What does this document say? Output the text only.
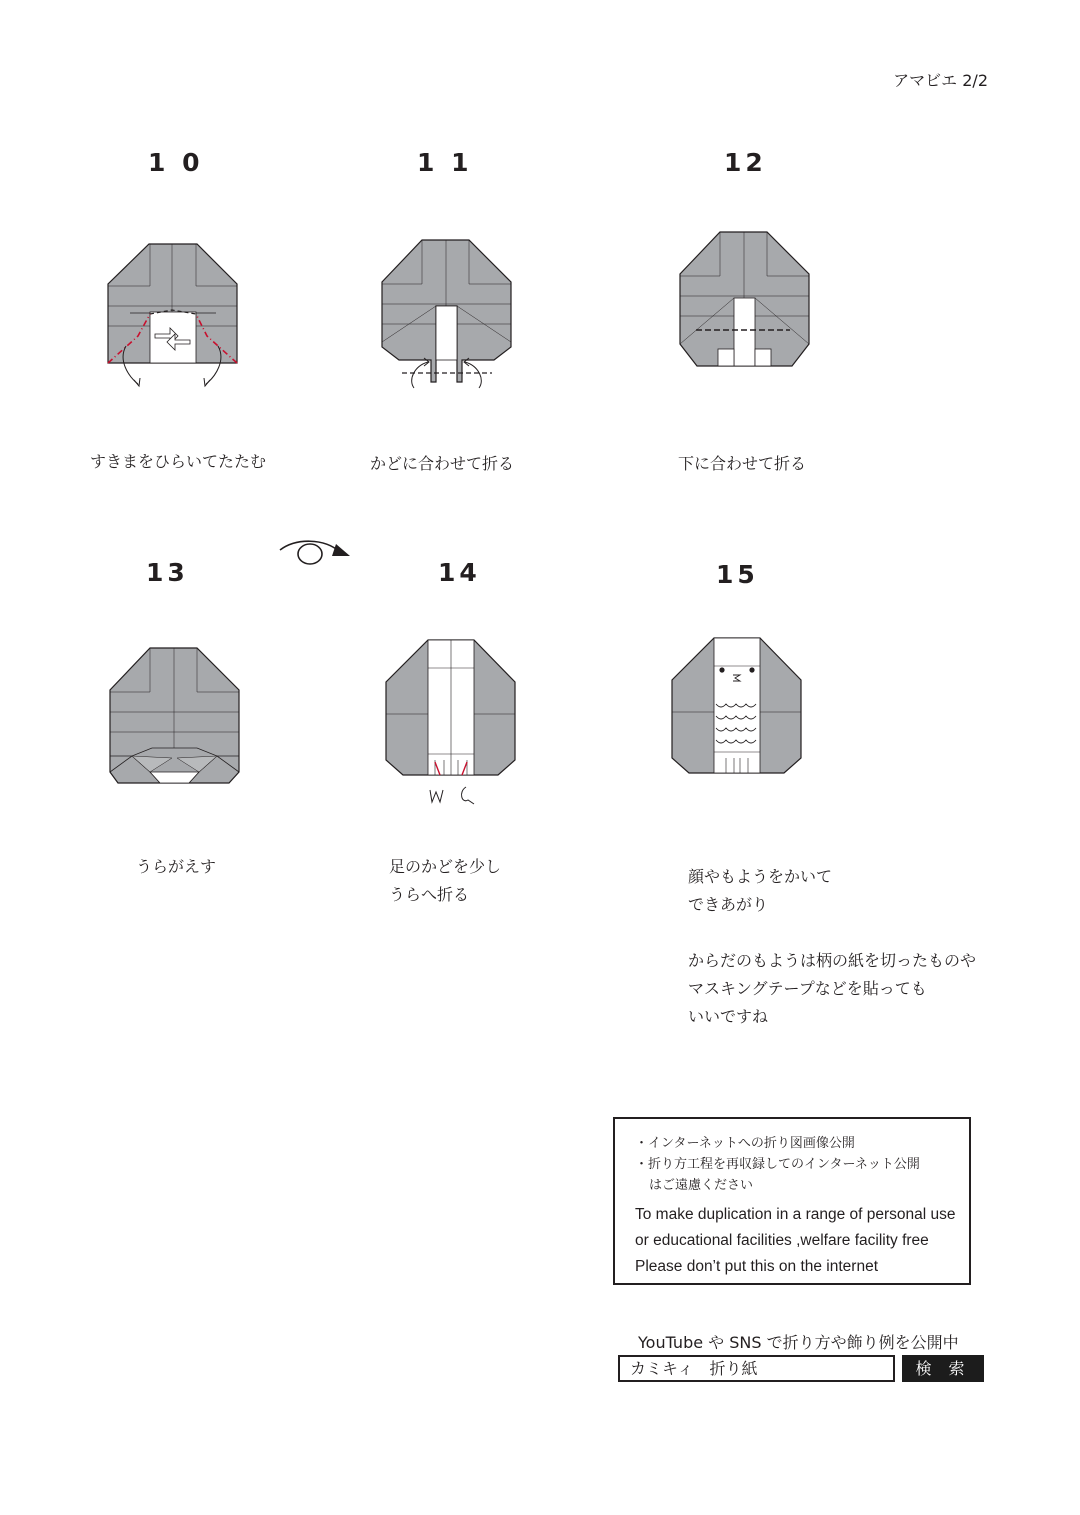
アマビエ 2/2
1 0	1 1	12
13	14	15
すきまをひらいてたたむ	かどに合わせて折る	下に合わせて折る
うらがえす	足のかどを少し
うらへ折る
顔やもようをかいて
できあがり
からだのもようは柄の紙を切ったものや
マスキングテープなどを貼っても
いいですね
・インターネットへの折り図画像公開
・折り方工程を再収録してのインターネット公開
はご遠慮ください
To make duplication in a range of personal use
or educational facilities ,welfare facility free
Please don’t put this on the internet
YouTube や SNS で折り方や飾り例を公開中
カミキィ　折り紙	検 索
